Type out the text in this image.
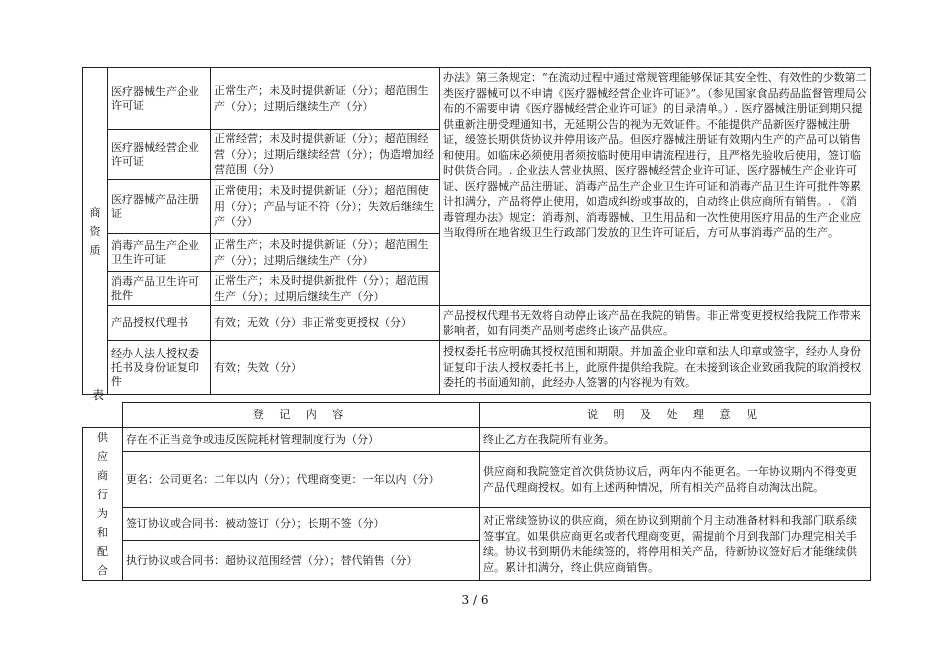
商资质	医疗器械生产企业许可证	正常生产；未及时提供新证（分）；超范围生产（分）；过期后继续生产（分）	办法》第三条规定：“在流动过程中通过常规管理能够保证其安全性、有效性的少数第二类医疗器械可以不申请《医疗器械经营企业许可证》”。（参见国家食品药品监督管理局公布的不需要申请《医疗器械经营企业许可证》的目录清单。）. 医疗器械注册证到期只提供重新注册受理通知书，无延期公告的视为无效证件。不能提供产品新医疗器械注册证，缓签长期供货协议并停用该产品。但医疗器械注册证有效期内生产的产品可以销售和使用。如临床必须使用者须按临时使用申请流程进行，且严格先验收后使用，签订临时供货合同。. 企业法人营业执照、医疗器械经营企业许可证、医疗器械生产企业许可证、医疗器械产品注册证、消毒产品生产企业卫生许可证和消毒产品卫生许可批件等累计扣满分，产品将停止使用，如造成纠纷或事故的，自动终止供应商所有销售。. 《消毒管理办法》规定：消毒剂、消毒器械、卫生用品和一次性使用医疗用品的生产企业应当取得所在地省级卫生行政部门发放的卫生许可证后，方可从事消毒产品的生产。
	医疗器械经营企业许可证	正常经营；未及时提供新证（分）；超范围经营（分）；过期后继续经营（分）；伪造增加经营范围（分）	
	医疗器械产品注册证	正常使用；未及时提供新证（分）；超范围使用（分）；产品与证不符（分）；失效后继续生产（分）	
	消毒产品生产企业卫生许可证	正常生产；未及时提供新证（分）；超范围生产（分）；过期后继续生产（分）	
	消毒产品卫生许可批件	正常生产；未及时提供新批件（分）；超范围生产（分）；过期后继续生产（分）	
	产品授权代理书	有效；无效（分）非正常变更授权（分）	产品授权代理书无效将自动停止该产品在我院的销售。非正常变更授权给我院工作带来影响者，如有同类产品则考虑终止该产品供应。
	经办人法人授权委托书及身份证复印件	有效；失效（分）	授权委托书应明确其授权范围和期限。并加盖企业印章和法人印章或签字，经办人身份证复印于法人授权委托书上，此原件提供给我院。在未接到该企业致函我院的取消授权委托的书面通知前，此经办人签署的内容视为有效。
表
	登 记 内 容	说 明 及 处 理 意 见

供应商行为和配合	存在不正当竞争或违反医院耗材管理制度行为（分）	终止乙方在我院所有业务。
	更名：公司更名：二年以内（分）；代理商变更：一年以内（分）	供应商和我院签定首次供货协议后，两年内不能更名。一年协议期内不得变更产品代理商授权。如有上述两种情况，所有相关产品将自动淘汰出院。
	签订协议或合同书：被动签订（分）；长期不签（分）	对正常续签协议的供应商，须在协议到期前个月主动准备材料和我部门联系续签事宜。如果供应商更名或者代理商变更，需提前个月到我部门办理完相关手续。协议书到期仍未能续签的，将停用相关产品，待新协议签好后才能继续供应。累计扣满分，终止供应商销售。
	执行协议或合同书：超协议范围经营（分）；替代销售（分）	
3 / 6
